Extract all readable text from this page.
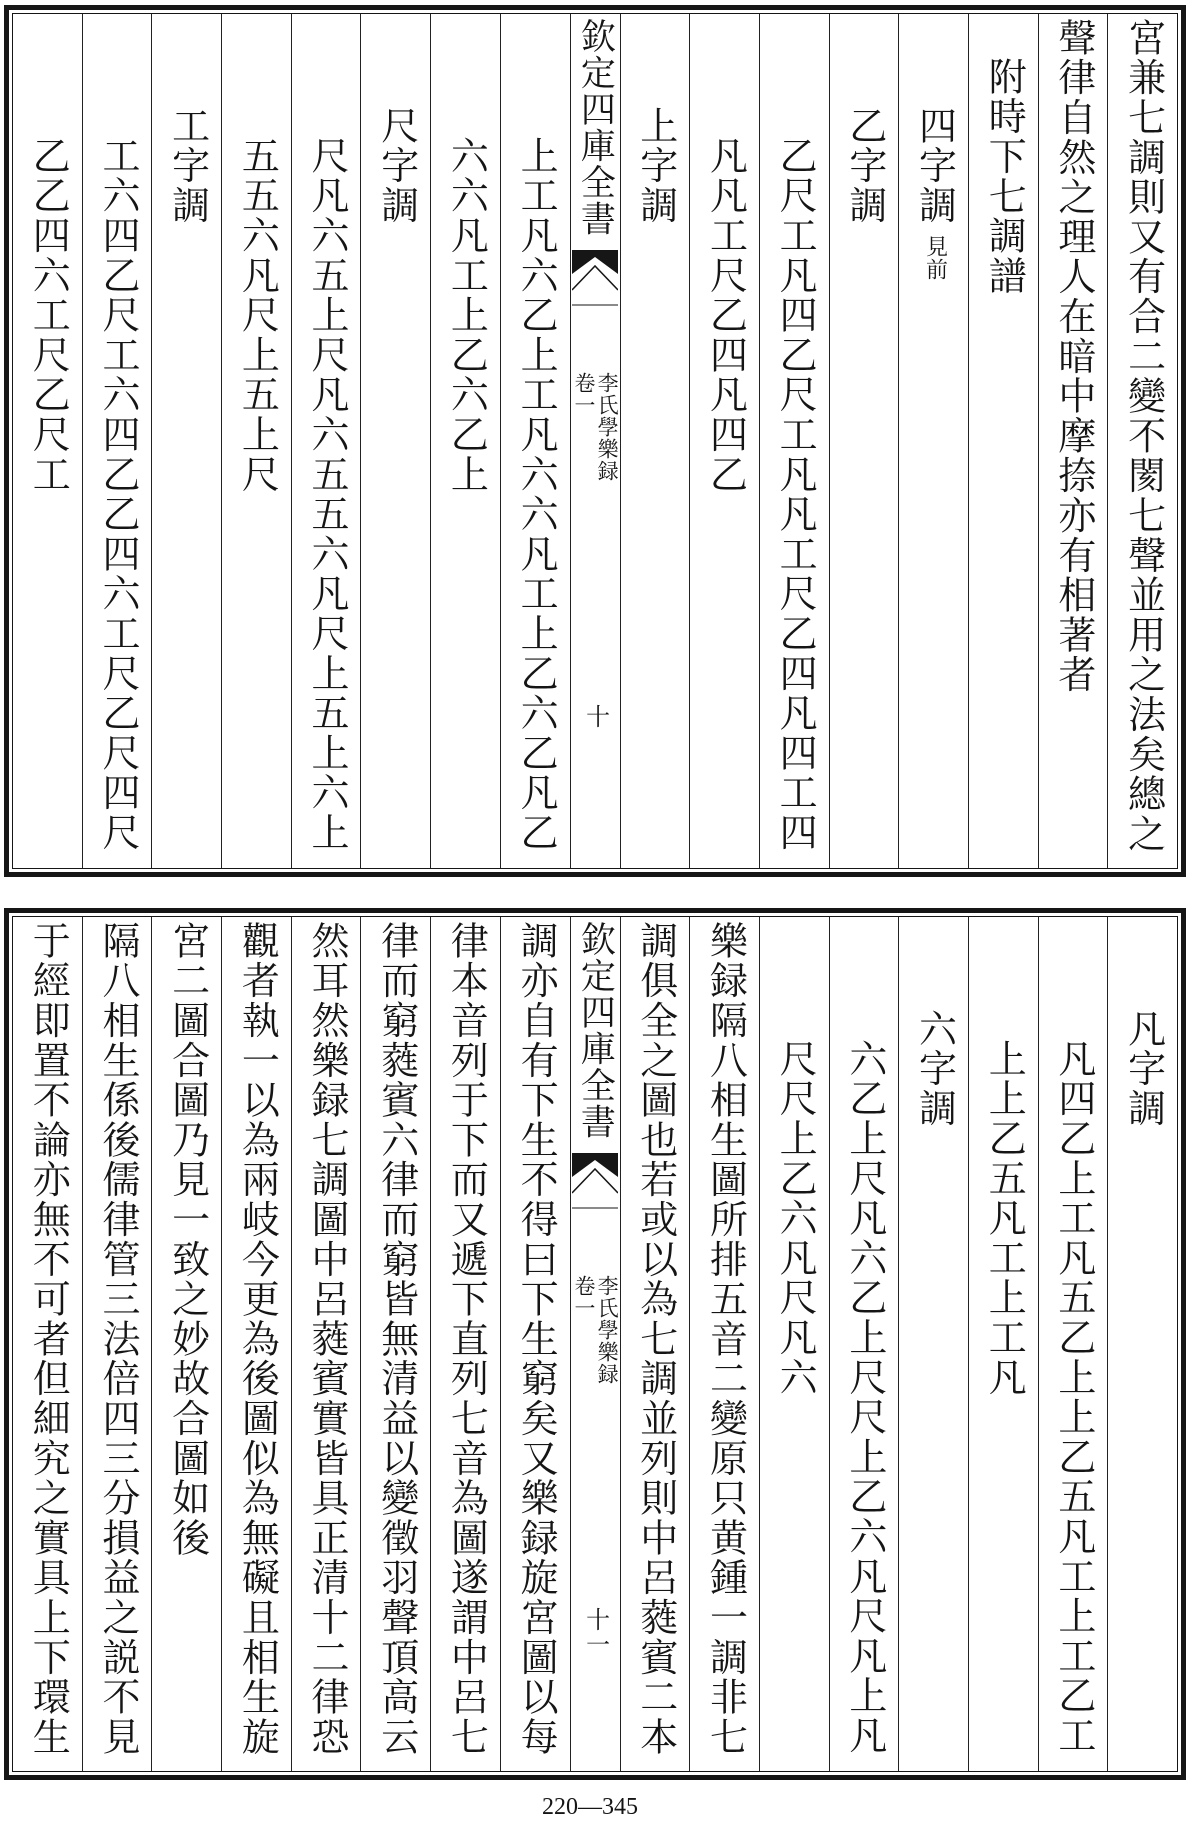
宮兼七調則又有合二變不閡七聲並用之法矣總之
聲律自然之理人在暗中摩捺亦有相著者
附時下七調譜
四字調見前
乙字調
乙尺工凡四乙尺工凡凡工尺乙四凡四工四
凡凡工尺乙四凡四乙
上字調
欽定四庫全書
李氏學樂録
卷一
十
上工凡六乙上工凡六六凡工上乙六乙凡乙
六六凡工上乙六乙上
尺字調
尺凡六五上尺凡六五五六凡尺上五上六上
五五六凡尺上五上尺
工字調
工六四乙尺工六四乙乙四六工尺乙尺四尺
乙乙四六工尺乙尺工
凡字調
凡四乙上工凡五乙上上乙五凡工上工乙工
上上乙五凡工上工凡
六字調
六乙上尺凡六乙上尺尺上乙六凡尺凡上凡
尺尺上乙六凡尺凡六
樂録隔八相生圖所排五音二變原只黄鍾一調非七
調俱全之圖也若或以為七調並列則中呂蕤賓二本
欽定四庫全書
李氏學樂録
卷一
十一
調亦自有下生不得曰下生窮矣又樂録旋宮圖以每
律本音列于下而又遞下直列七音為圖遂謂中呂七
律而窮蕤賓六律而窮皆無清益以變徵羽聲頂高云
然耳然樂録七調圖中呂蕤賓實皆具正清十二律恐
觀者執一以為兩岐今更為後圖似為無礙且相生旋
宮二圖合圖乃見一致之妙故合圖如後
隔八相生係後儒律管三法倍四三分損益之説不見
于經即置不論亦無不可者但細究之實具上下環生
220—345
